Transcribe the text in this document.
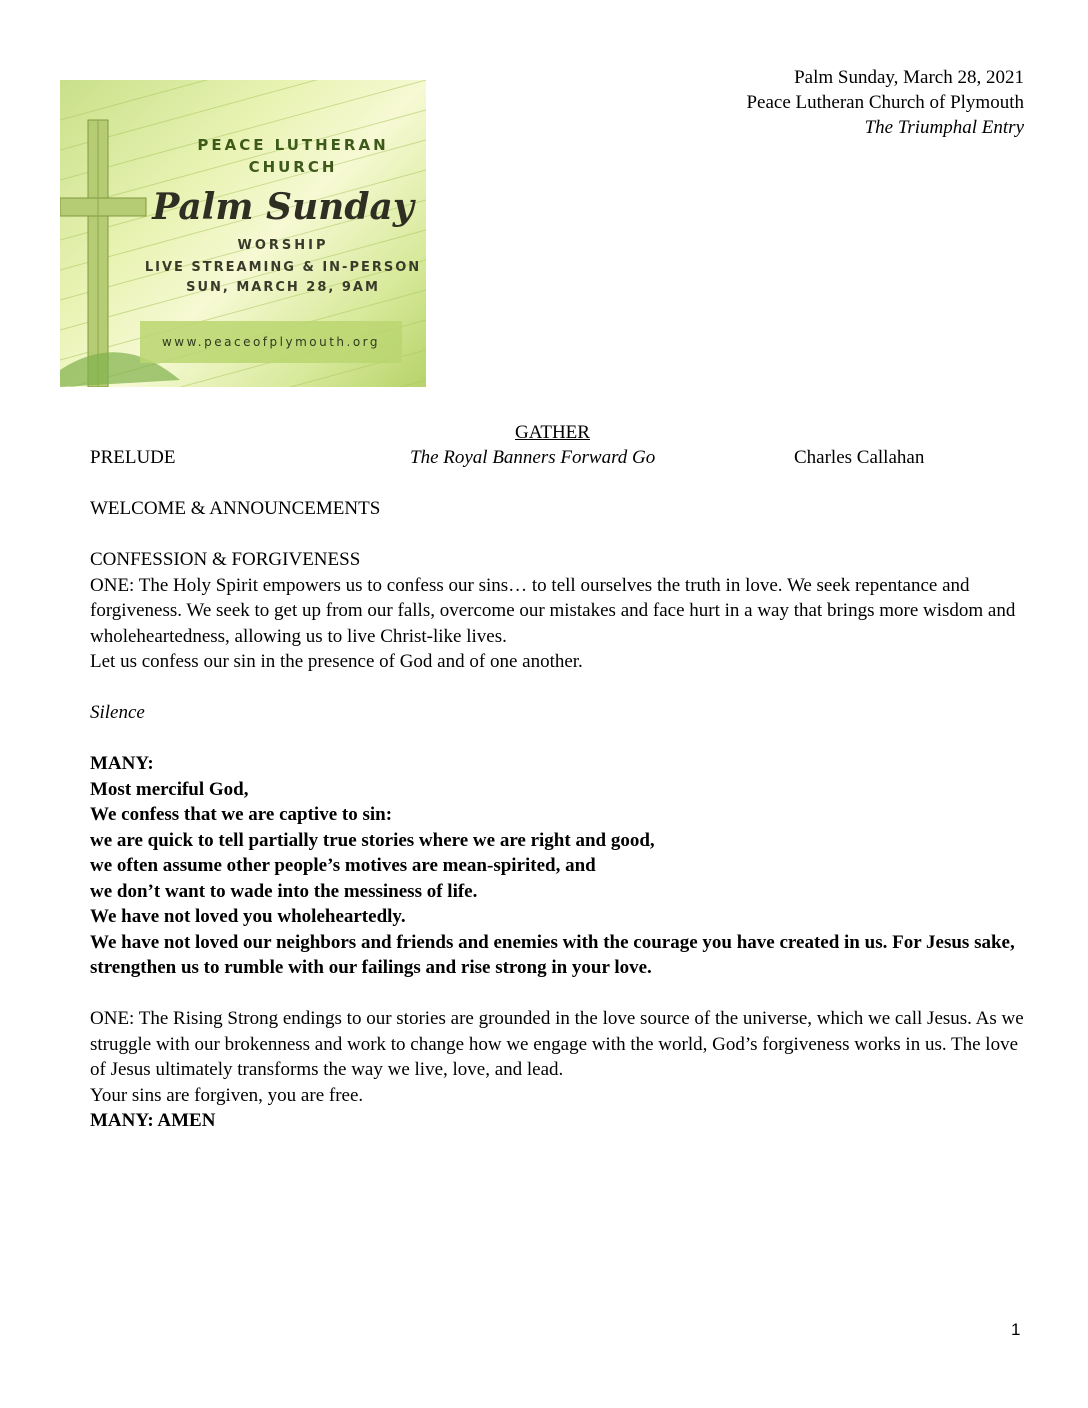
PEACE LUTHERAN
CHURCH
Palm Sunday
WORSHIP
LIVE STREAMING & IN-PERSON
SUN, MARCH 28, 9AM
www.peaceofplymouth.org
Palm Sunday, March 28, 2021
Peace Lutheran Church of Plymouth
The Triumphal Entry
GATHER
PRELUDE	The Royal Banners Forward Go	Charles Callahan

WELCOME & ANNOUNCEMENTS

CONFESSION & FORGIVENESS

ONE: The Holy Spirit empowers us to confess our sins… to tell ourselves the truth in love. We seek repentance and forgiveness. We seek to get up from our falls, overcome our mistakes and face hurt in a way that brings more wisdom and wholeheartedness, allowing us to live Christ-like lives.

Let us confess our sin in the presence of God and of one another.

Silence

MANY:

Most merciful God,

We confess that we are captive to sin:

we are quick to tell partially true stories where we are right and good,

we often assume other people’s motives are mean-spirited, and

we don’t want to wade into the messiness of life.

We have not loved you wholeheartedly.

We have not loved our neighbors and friends and enemies with the courage you have created in us. For Jesus sake, strengthen us to rumble with our failings and rise strong in your love.

ONE: The Rising Strong endings to our stories are grounded in the love source of the universe, which we call Jesus. As we struggle with our brokenness and work to change how we engage with the world, God’s forgiveness works in us. The love of Jesus ultimately transforms the way we live, love, and lead.

Your sins are forgiven, you are free.

MANY: AMEN

1
